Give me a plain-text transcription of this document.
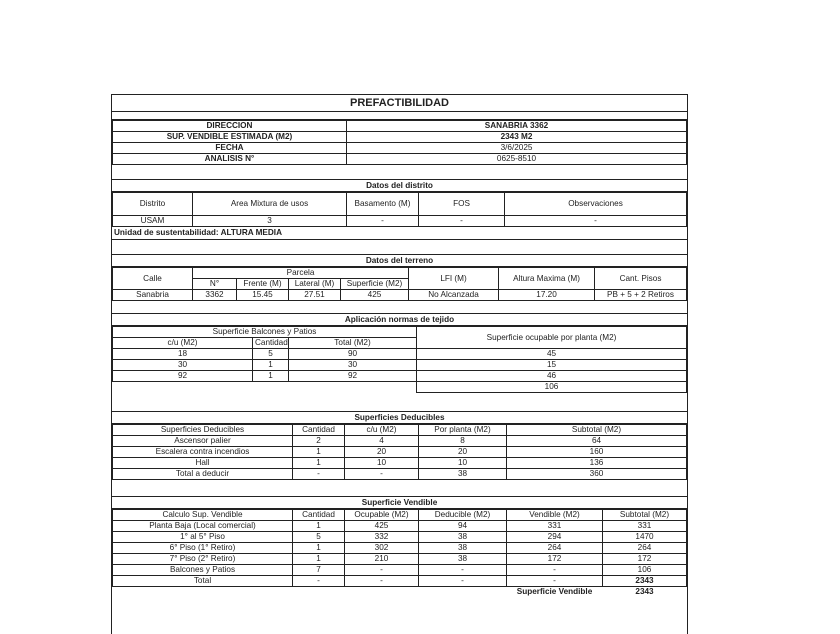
PREFACTIBILIDAD
DIRECCION	SANABRIA 3362
SUP. VENDIBLE ESTIMADA (M2)	2343 M2
FECHA	3/6/2025
ANALISIS N°	0625-8510
Datos del distrito
Distrito	Area Mixtura de usos	Basamento (M)	FOS	Observaciones
USAM	3	-	-	-
Unidad de sustentabilidad: ALTURA MEDIA
Datos del terreno
Calle	Parcela				LFI (M)	Altura Maxima (M)	Cant. Pisos
	N°	Frente (M)	Lateral (M)	Superficie (M2)			
Sanabria	3362	15.45	27.51	425	No Alcanzada	17.20	PB + 5 + 2 Retiros
Aplicación normas de tejido
Superficie Balcones y Patios			Superficie ocupable por planta (M2)
c/u (M2)	Cantidad	Total (M2)	
18	5	90	45
30	1	30	15
92	1	92	46
			106
Superficies Deducibles
Superficies Deducibles	Cantidad	c/u (M2)	Por planta (M2)	Subtotal (M2)
Ascensor palier	2	4	8	64
Escalera contra incendios	1	20	20	160
Hall	1	10	10	136
Total a deducir	-	-	38	360
Superficie Vendible
Calculo Sup. Vendible	Cantidad	Ocupable (M2)	Deducible (M2)	Vendible (M2)	Subtotal (M2)
Planta Baja (Local comercial)	1	425	94	331	331
1° al 5° Piso	5	332	38	294	1470
6° Piso (1° Retiro)	1	302	38	264	264
7° Piso (2° Retiro)	1	210	38	172	172
Balcones y Patios	7	-	-	-	106
Total	-	-	-	-	2343
				Superficie Vendible	2343
